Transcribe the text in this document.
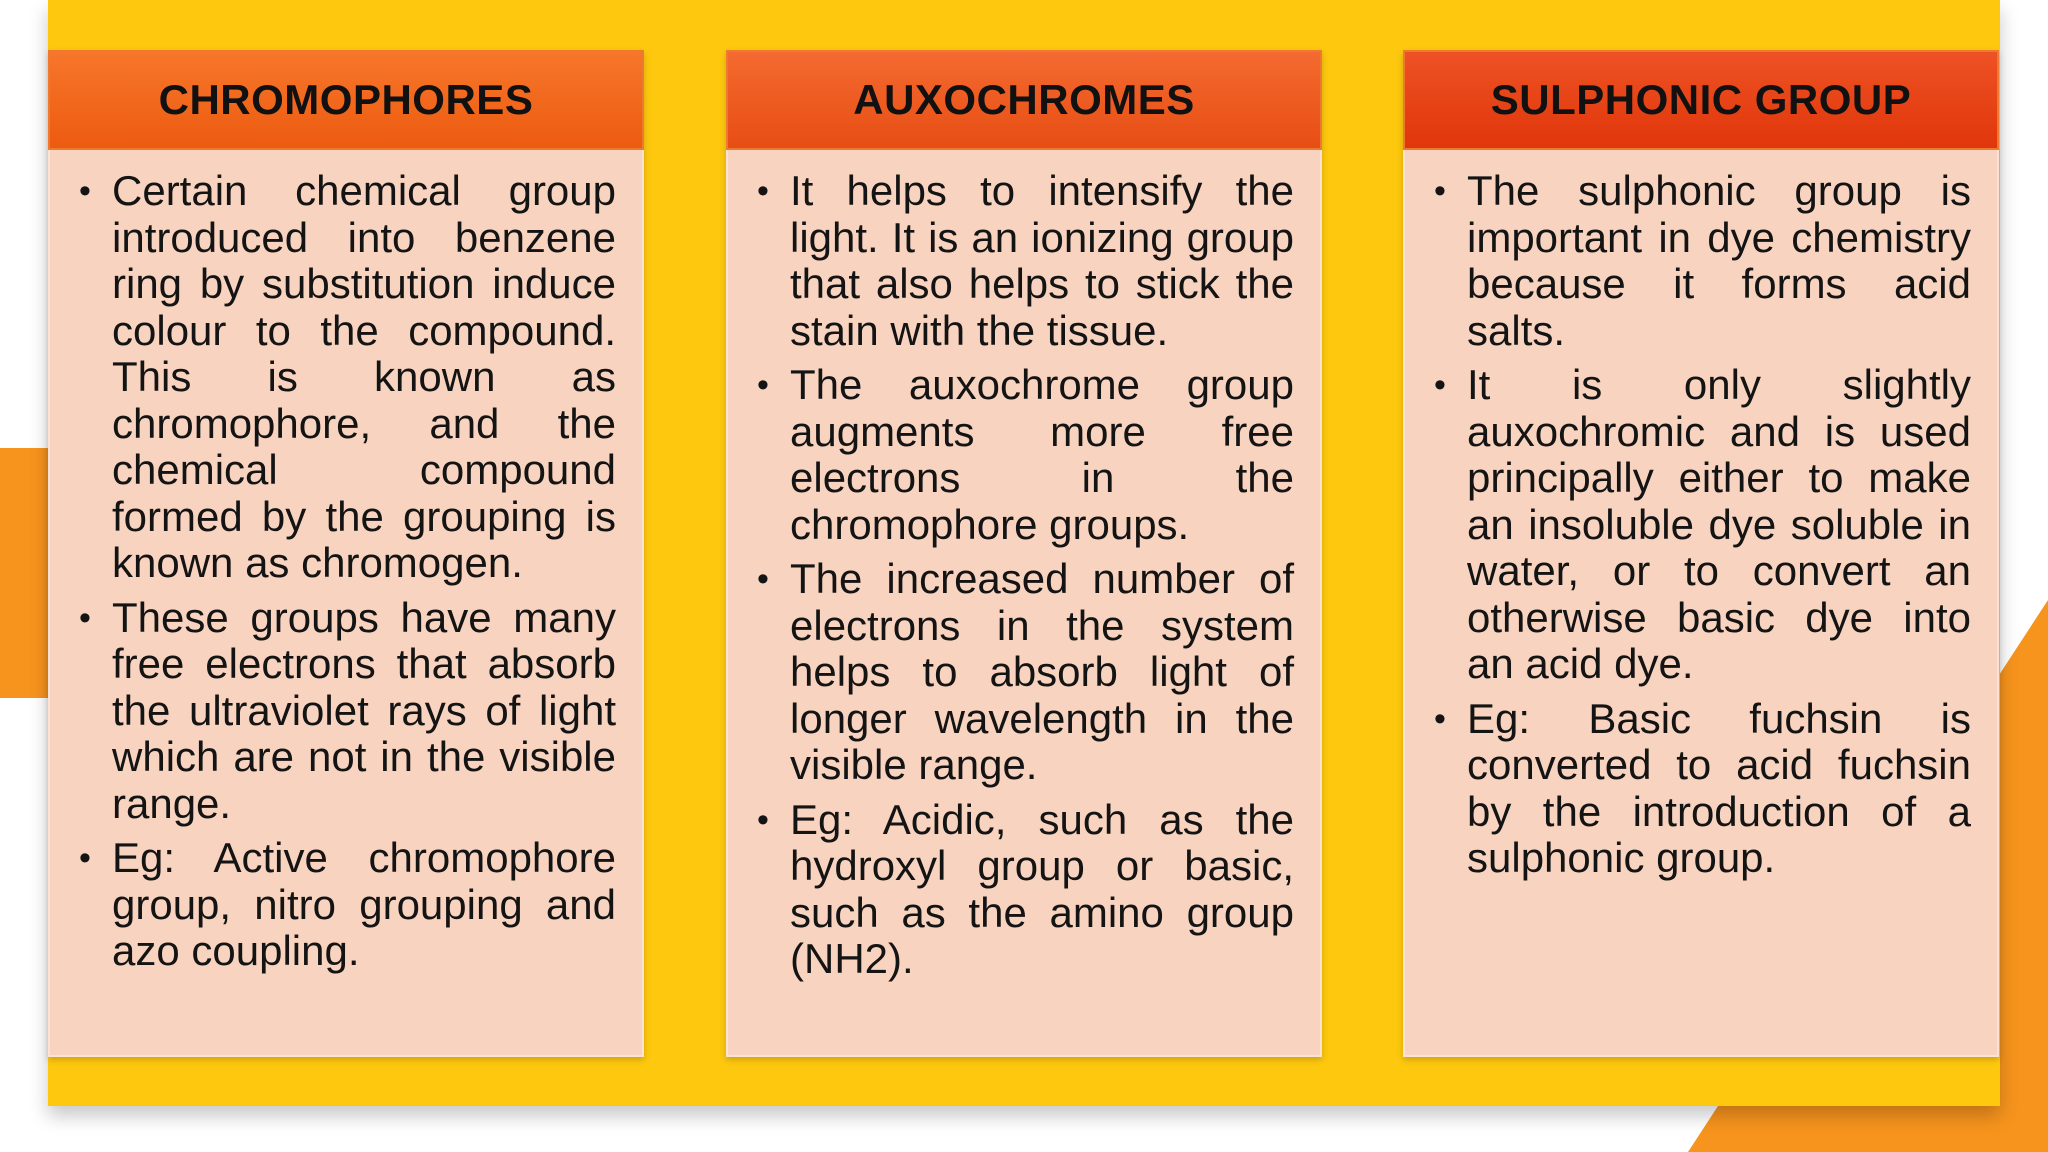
CHROMOPHORES
• Certain chemical group introduced into benzene ring by substitution induce colour to the compound. This is known as chromophore, and the chemical compound formed by the grouping is known as chromogen.
• These groups have many free electrons that absorb the ultraviolet rays of light which are not in the visible range.
• Eg: Active chromophore group, nitro grouping and azo coupling.
AUXOCHROMES
• It helps to intensify the light. It is an ionizing group that also helps to stick the stain with the tissue.
• The auxochrome group augments more free electrons in the chromophore groups.
• The increased number of electrons in the system helps to absorb light of longer wavelength in the visible range.
• Eg: Acidic, such as the hydroxyl group or basic, such as the amino group (NH2).
SULPHONIC GROUP
• The sulphonic group is important in dye chemistry because it forms acid salts.
• It is only slightly auxochromic and is used principally either to make an insoluble dye soluble in water, or to convert an otherwise basic dye into an acid dye.
• Eg: Basic fuchsin is converted to acid fuchsin by the introduction of a sulphonic group.
